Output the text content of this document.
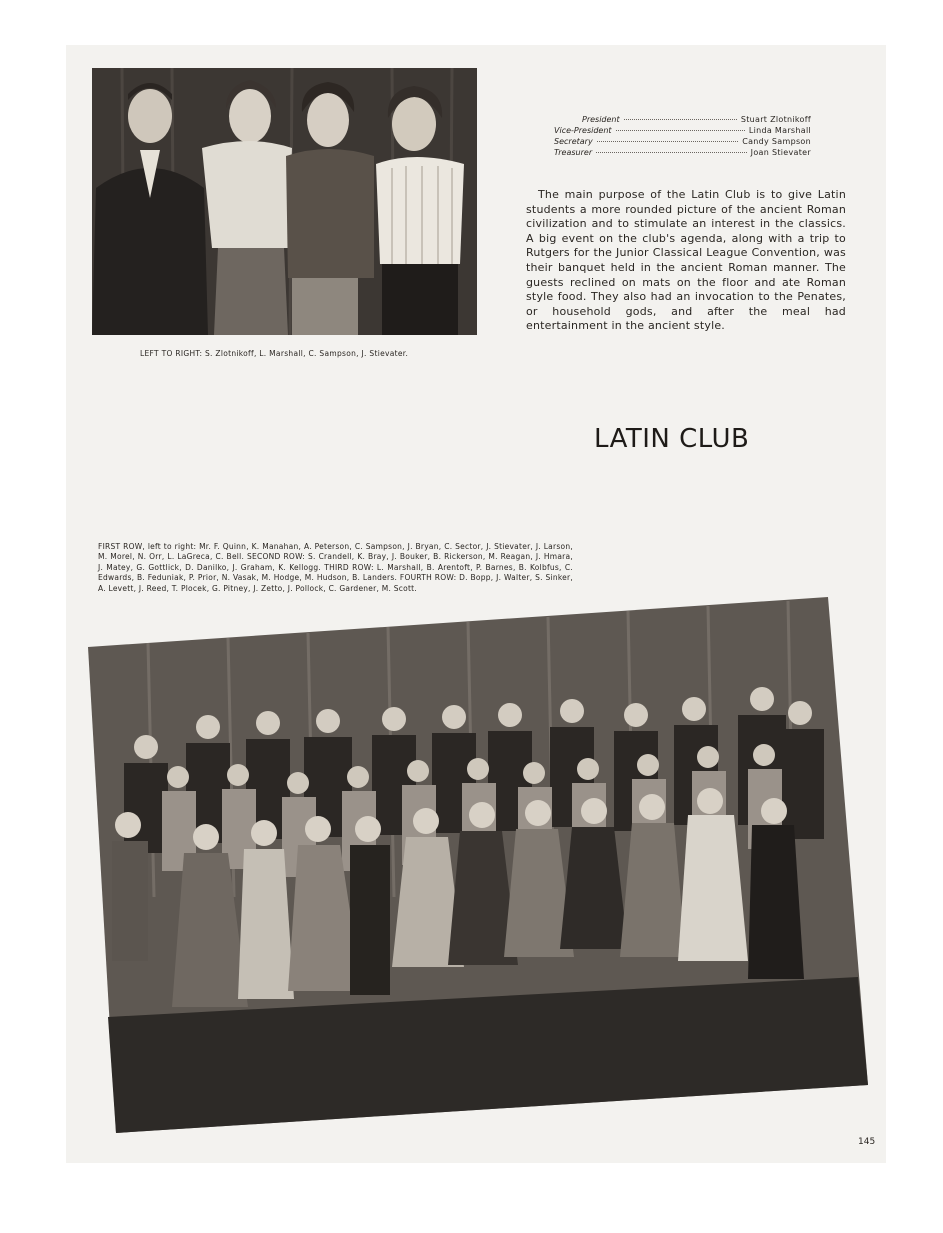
President	Stuart Zlotnikoff
Vice-President	Linda Marshall
Secretary	Candy Sampson
Treasurer	Joan Stievater

The main purpose of the Latin Club is to give Latin students a more rounded picture of the ancient Roman civilization and to stimulate an interest in the classics. A big event on the club's agenda, along with a trip to Rutgers for the Junior Classical League Convention, was their banquet held in the ancient Roman manner. The guests reclined on mats on the floor and ate Roman style food. They also had an invocation to the Penates, or household gods, and after the meal had entertainment in the ancient style.

LEFT TO RIGHT: S. Zlotnikoff, L. Marshall, C. Sampson, J. Stievater.
LATIN CLUB

FIRST ROW, left to right: Mr. F. Quinn, K. Manahan, A. Peterson, C. Sampson, J. Bryan, C. Sector, J. Stievater, J. Larson, M. Morel, N. Orr, L. LaGreca, C. Bell. SECOND ROW: S. Crandell, K. Bray, J. Bouker, B. Rickerson, M. Reagan, J. Hmara, J. Matey, G. Gottlick, D. Danilko, J. Graham, K. Kellogg. THIRD ROW: L. Marshall, B. Arentoft, P. Barnes, B. Kolbfus, C. Edwards, B. Feduniak, P. Prior, N. Vasak, M. Hodge, M. Hudson, B. Landers. FOURTH ROW: D. Bopp, J. Walter, S. Sinker, A. Levett, J. Reed, T. Plocek, G. Pitney, J. Zetto, J. Pollock, C. Gardener, M. Scott.

145
